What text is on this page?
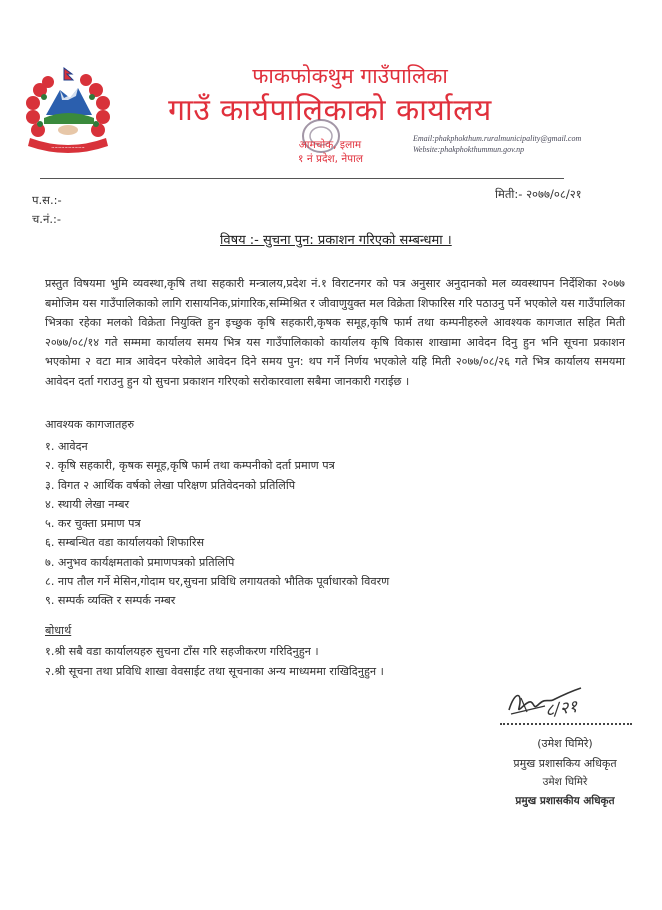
~~~~~~~~~~
फाकफोकथुम गाउँपालिका
गाउँ कार्यपालिकाको कार्यालय
आमचोक, इलाम
१ नं प्रदेश, नेपाल
Email:phakphokthum.ruralmunicipality@gmail.com
Website:phakphokthummun.gov.np
प.स.:-
च.नं.:-
मिती:- २०७७/०८/२१
विषय :- सुचना पुन: प्रकाशन गरिएको सम्बन्धमा ।
प्रस्तुत विषयमा भुमि व्यवस्था,कृषि तथा सहकारी मन्त्रालय,प्रदेश नं.१ विराटनगर को पत्र अनुसार अनुदानको मल व्यवस्थापन निर्देशिका २०७७ बमोजिम यस गाउँपालिकाको लागि रासायनिक,प्रांगारिक,सम्मिश्रित र जीवाणुयुक्त मल विक्रेता शिफारिस गरि पठाउनु पर्ने भएकोले यस गाउँपालिका भित्रका रहेका मलको विक्रेता नियुक्ति हुन इच्छुक कृषि सहकारी,कृषक समूह,कृषि फार्म तथा कम्पनीहरुले आवश्यक कागजात सहित मिती २०७७/०८/१४ गते सम्ममा कार्यालय समय भित्र यस गाउँपालिकाको कार्यालय कृषि विकास शाखामा आवेदन दिनु हुन भनि सूचना प्रकाशन भएकोमा २ वटा मात्र आवेदन परेकोले आवेदन दिने समय पुन: थप गर्ने निर्णय भएकोले यहि मिती २०७७/०८/२६ गते भित्र कार्यालय समयमा आवेदन दर्ता गराउनु हुन यो सुचना प्रकाशन गरिएको सरोकारवाला सबैमा जानकारी गराईछ ।
आवश्यक कागजातहरु
१. आवेदन
२. कृषि सहकारी, कृषक समूह,कृषि फार्म तथा कम्पनीको दर्ता प्रमाण पत्र
३. विगत २ आर्थिक वर्षको लेखा परिक्षण प्रतिवेदनको प्रतिलिपि
४. स्थायी लेखा नम्बर
५. कर चुक्ता प्रमाण पत्र
६. सम्बन्धित वडा कार्यालयको शिफारिस
७. अनुभव कार्यक्षमताको प्रमाणपत्रको प्रतिलिपि
८. नाप तौल गर्ने मेसिन,गोदाम घर,सुचना प्रविधि लगायतको भौतिक पूर्वाधारको विवरण
९. सम्पर्क व्यक्ति र सम्पर्क नम्बर
बोधार्थ
१.श्री सबै वडा कार्यालयहरु सुचना टाँस गरि सहजीकरण गरिदिनुहुन ।
२.श्री सूचना तथा प्रविधि शाखा वेवसाईट तथा सूचनाका अन्य माध्यममा राखिदिनुहुन ।
८/२१
(उमेश घिमिरे)
प्रमुख प्रशासकिय अधिकृत
उमेश घिमिरे
प्रमुख प्रशासकीय अधिकृत
